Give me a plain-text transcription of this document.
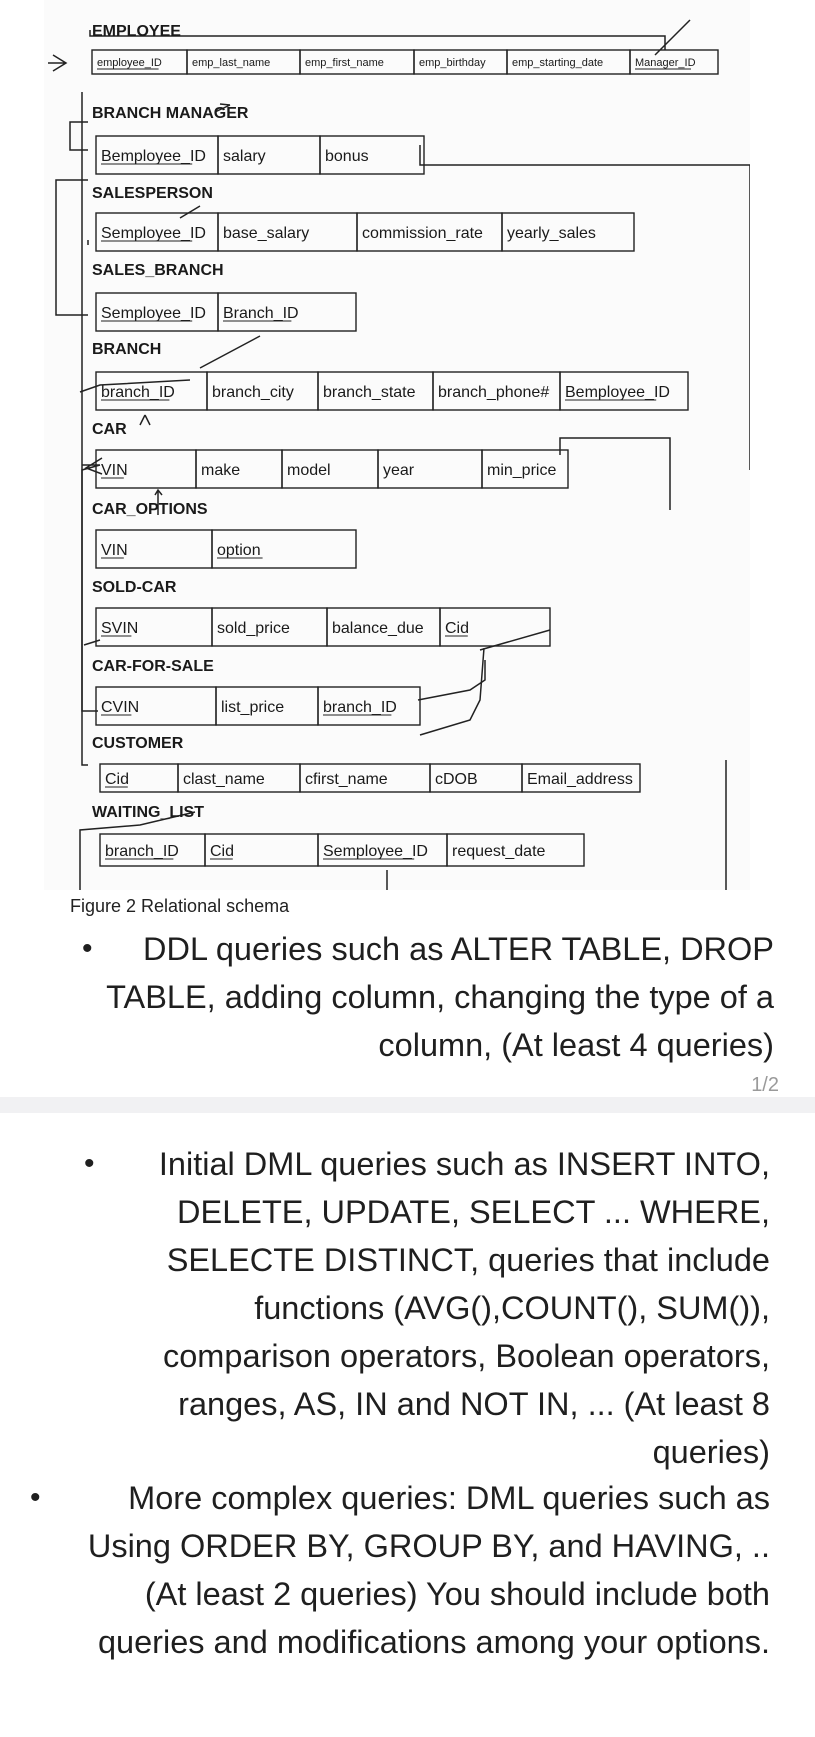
EMPLOYEE
employee_ID	emp_last_name	emp_first_name	emp_birthday emp_starting_date	Manager_ID
BRANCH MANAGER
Bemployee_ID salary	bonus
SALESPERSON
Semployee_ID base_salary	commission_rate yearly_sales
SALES_BRANCH
Semployee_ID Branch_ID
BRANCH
branch_ID branch_city branch_state branch_phone# Bemployee_ID
CAR
VIN	make	model	year	min_price
CAR_OPTIONS
VIN	option
SOLD-CAR
SVIN	sold_price	balance_due Cid
CAR-FOR-SALE
CVIN	list_price branch_ID
CUSTOMER
Cid	clast_name	cfirst_name	cDOB	Email_address
WAITING_LIST
branch_ID Cid	Semployee_ID request_date
Figure 2 Relational schema
• DDL queries such as ALTER TABLE, DROP TABLE, adding column, changing the type of a column, (At least 4 queries)
1/2
• Initial DML queries such as INSERT INTO, DELETE, UPDATE, SELECT ... WHERE, SELECTE DISTINCT, queries that include functions (AVG(),COUNT(), SUM()), comparison operators, Boolean operators, ranges, AS, IN and NOT IN, ... (At least 8 queries)
•	More complex queries: DML queries such as Using ORDER BY, GROUP BY, and HAVING, .. (At least 2 queries) You should include both queries and modifications among your options.
